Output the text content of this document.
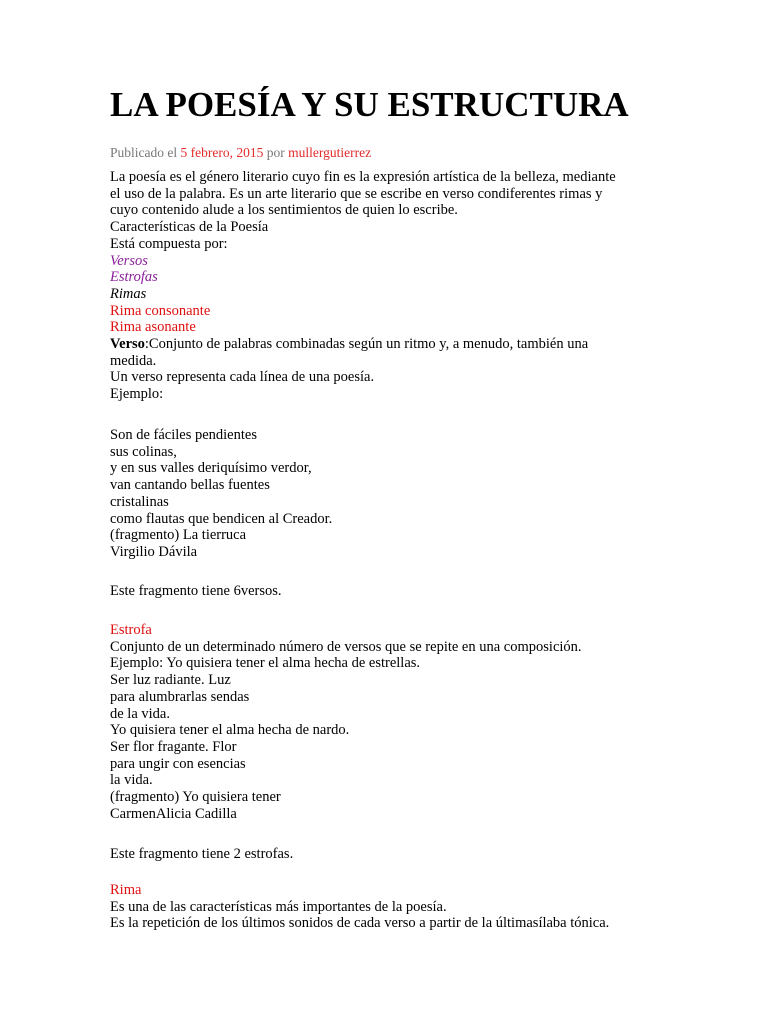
LA POESÍA Y SU ESTRUCTURA
Publicado el 5 febrero, 2015 por mullergutierrez
La poesía es el género literario cuyo fin es la expresión artística de la belleza, mediante
el uso de la palabra. Es un arte literario que se escribe en verso condiferentes rimas y
cuyo contenido alude a los sentimientos de quien lo escribe.
Características de la Poesía
Está compuesta por:
Versos
Estrofas
Rimas
Rima consonante
Rima asonante
Verso:Conjunto de palabras combinadas según un ritmo y, a menudo, también una
medida.
Un verso representa cada línea de una poesía.
Ejemplo:
Son de fáciles pendientes
sus colinas,
y en sus valles deriquísimo verdor,
van cantando bellas fuentes
cristalinas
como flautas que bendicen al Creador.
(fragmento) La tierruca
Virgilio Dávila
Este fragmento tiene 6versos.
Estrofa
Conjunto de un determinado número de versos que se repite en una composición.
Ejemplo: Yo quisiera tener el alma hecha de estrellas.
Ser luz radiante. Luz
para alumbrarlas sendas
de la vida.
Yo quisiera tener el alma hecha de nardo.
Ser flor fragante. Flor
para ungir con esencias
la vida.
(fragmento) Yo quisiera tener
CarmenAlicia Cadilla
Este fragmento tiene 2 estrofas.
Rima
Es una de las características más importantes de la poesía.
Es la repetición de los últimos sonidos de cada verso a partir de la últimasílaba tónica.
